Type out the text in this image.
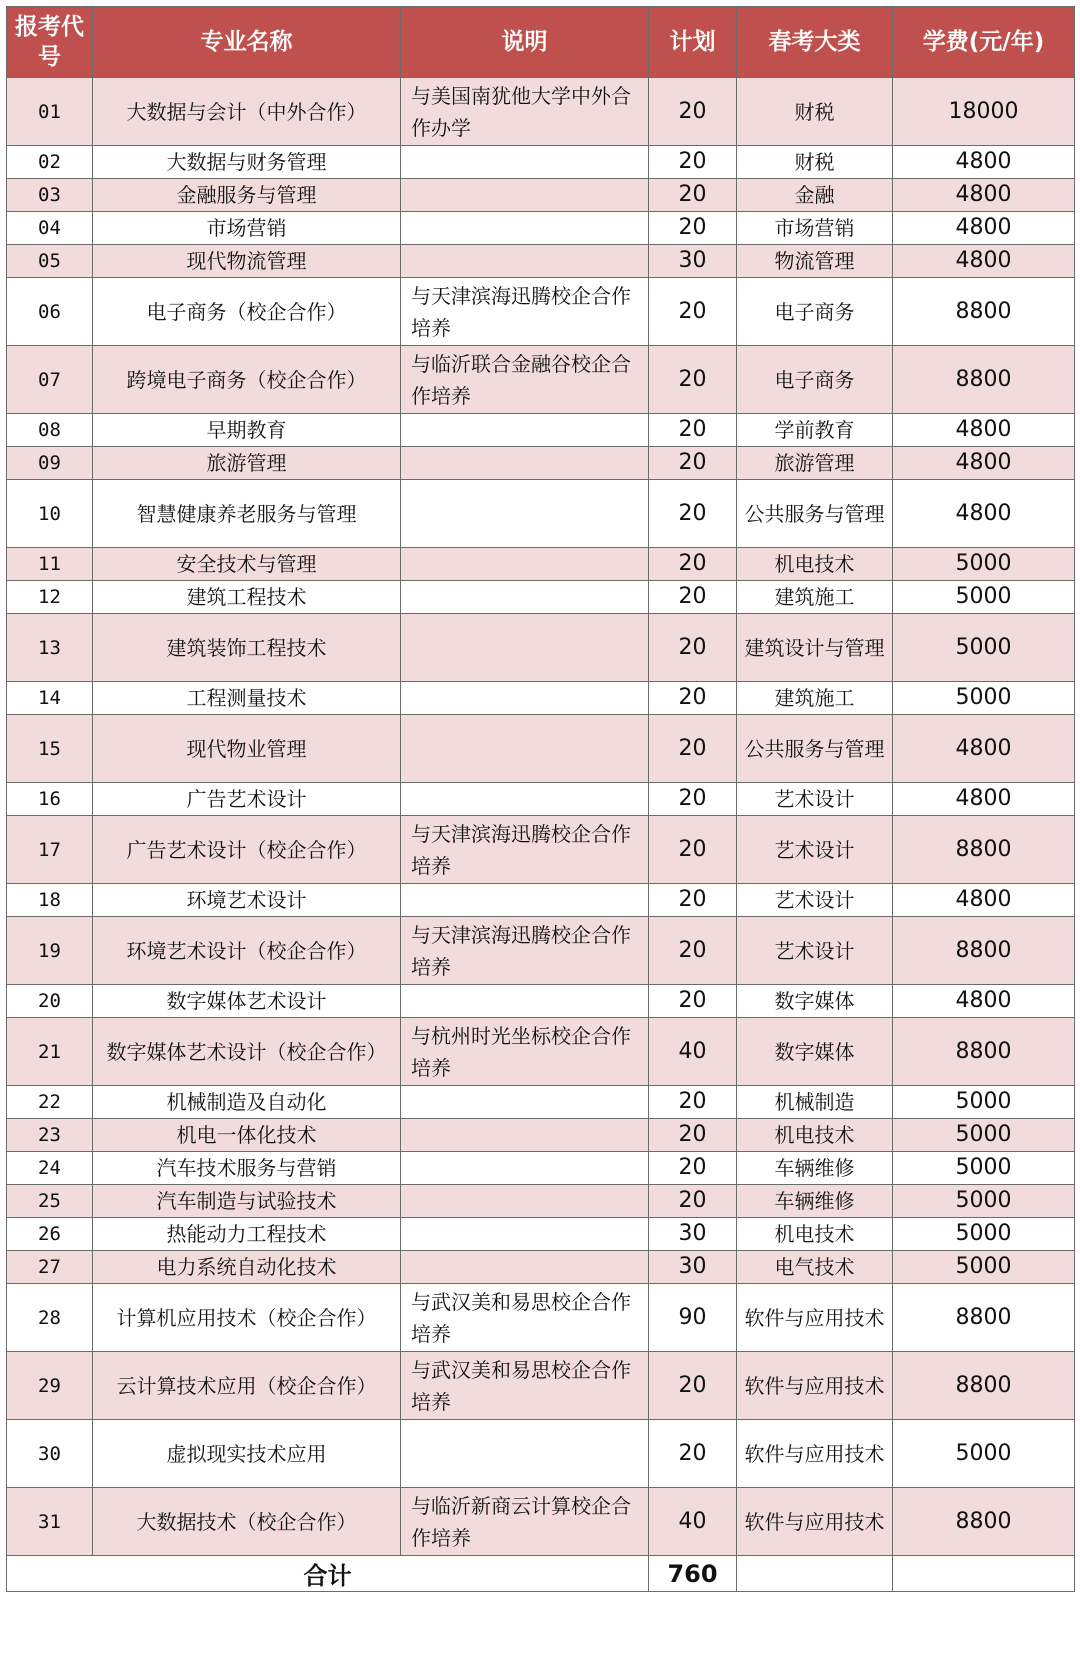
报考代号	专业名称	说明	计划	春考大类	学费(元/年)
01	大数据与会计（中外合作）	与美国南犹他大学中外合作办学	20	财税	18000
02	大数据与财务管理		20	财税	4800
03	金融服务与管理		20	金融	4800
04	市场营销		20	市场营销	4800
05	现代物流管理		30	物流管理	4800
06	电子商务（校企合作）	与天津滨海迅腾校企合作培养	20	电子商务	8800
07	跨境电子商务（校企合作）	与临沂联合金融谷校企合作培养	20	电子商务	8800
08	早期教育		20	学前教育	4800
09	旅游管理		20	旅游管理	4800
10	智慧健康养老服务与管理		20	公共服务与管理	4800
11	安全技术与管理		20	机电技术	5000
12	建筑工程技术		20	建筑施工	5000
13	建筑装饰工程技术		20	建筑设计与管理	5000
14	工程测量技术		20	建筑施工	5000
15	现代物业管理		20	公共服务与管理	4800
16	广告艺术设计		20	艺术设计	4800
17	广告艺术设计（校企合作）	与天津滨海迅腾校企合作培养	20	艺术设计	8800
18	环境艺术设计		20	艺术设计	4800
19	环境艺术设计（校企合作）	与天津滨海迅腾校企合作培养	20	艺术设计	8800
20	数字媒体艺术设计		20	数字媒体	4800
21	数字媒体艺术设计（校企合作）	与杭州时光坐标校企合作培养	40	数字媒体	8800
22	机械制造及自动化		20	机械制造	5000
23	机电一体化技术		20	机电技术	5000
24	汽车技术服务与营销		20	车辆维修	5000
25	汽车制造与试验技术		20	车辆维修	5000
26	热能动力工程技术		30	机电技术	5000
27	电力系统自动化技术		30	电气技术	5000
28	计算机应用技术（校企合作）	与武汉美和易思校企合作培养	90	软件与应用技术	8800
29	云计算技术应用（校企合作）	与武汉美和易思校企合作培养	20	软件与应用技术	8800
30	虚拟现实技术应用		20	软件与应用技术	5000
31	大数据技术（校企合作）	与临沂新商云计算校企合作培养	40	软件与应用技术	8800
合计			760		
